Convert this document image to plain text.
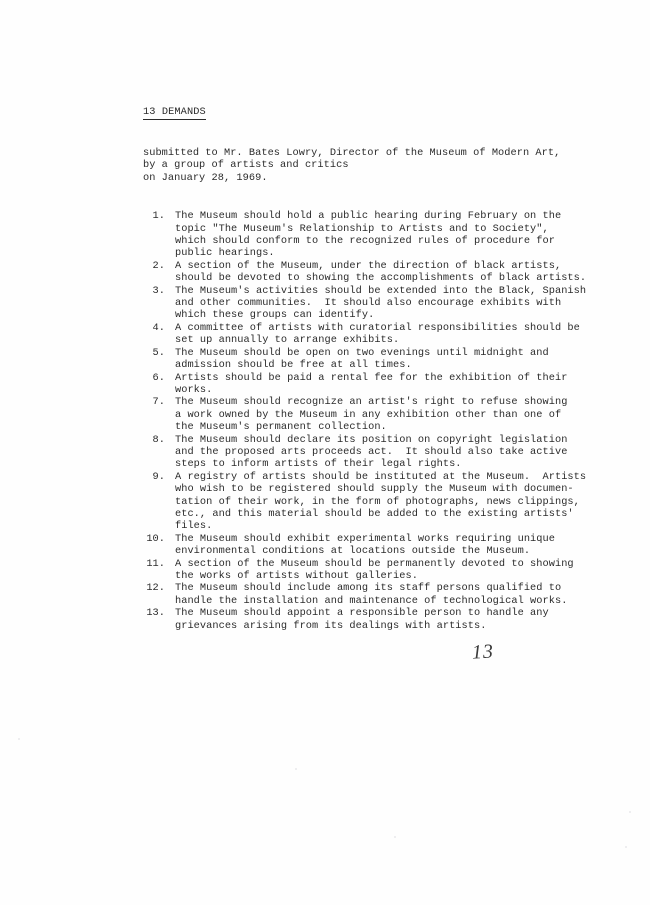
13 DEMANDS
submitted to Mr. Bates Lowry, Director of the Museum of Modern Art,
by a group of artists and critics
on January 28, 1969.
1. The Museum should hold a public hearing during February on the
topic "The Museum's Relationship to Artists and to Society",
which should conform to the recognized rules of procedure for
public hearings.
2. A section of the Museum, under the direction of black artists,
should be devoted to showing the accomplishments of black artists.
3. The Museum's activities should be extended into the Black, Spanish
and other communities.  It should also encourage exhibits with
which these groups can identify.
4. A committee of artists with curatorial responsibilities should be
set up annually to arrange exhibits.
5. The Museum should be open on two evenings until midnight and
admission should be free at all times.
6. Artists should be paid a rental fee for the exhibition of their
works.
7. The Museum should recognize an artist's right to refuse showing
a work owned by the Museum in any exhibition other than one of
the Museum's permanent collection.
8. The Museum should declare its position on copyright legislation
and the proposed arts proceeds act.  It should also take active
steps to inform artists of their legal rights.
9. A registry of artists should be instituted at the Museum.  Artists
who wish to be registered should supply the Museum with documen-
tation of their work, in the form of photographs, news clippings,
etc., and this material should be added to the existing artists'
files.
10. The Museum should exhibit experimental works requiring unique
environmental conditions at locations outside the Museum.
11. A section of the Museum should be permanently devoted to showing
the works of artists without galleries.
12. The Museum should include among its staff persons qualified to
handle the installation and maintenance of technological works.
13. The Museum should appoint a responsible person to handle any
grievances arising from its dealings with artists.
13
